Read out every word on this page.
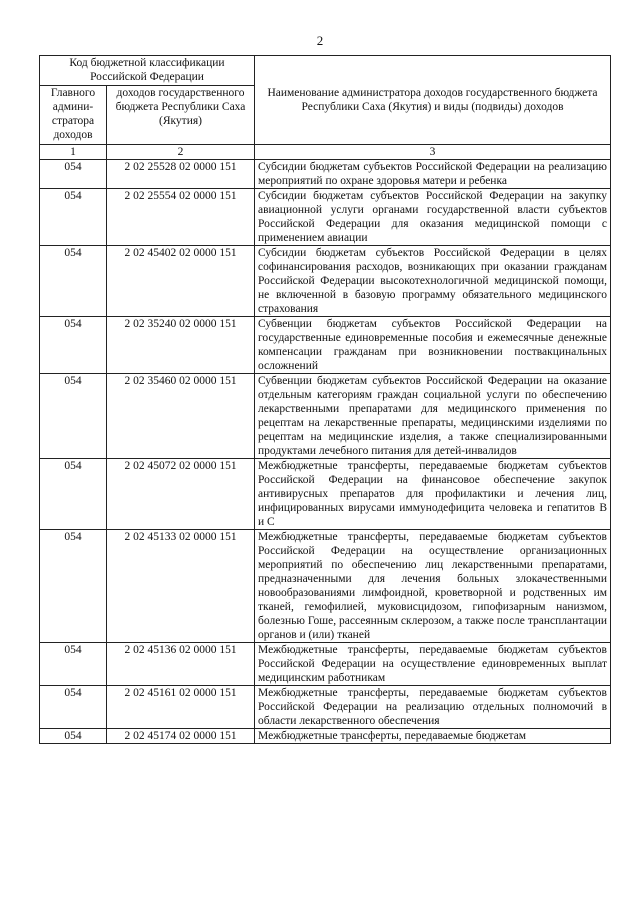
2
Код бюджетной классификации Российской Федерации		Наименование администратора доходов государственного бюджета Республики Саха (Якутия) и виды (подвиды) доходов
Главного админи-стратора доходов	доходов государственного бюджета Республики Саха (Якутия)	
1	2	3
054	2 02 25528 02 0000 151	Субсидии бюджетам субъектов Российской Федерации на реализацию мероприятий по охране здоровья матери и ребенка
054	2 02 25554 02 0000 151	Субсидии бюджетам субъектов Российской Федерации на закупку авиационной услуги органами государственной власти субъектов Российской Федерации для оказания медицинской помощи с применением авиации
054	2 02 45402 02 0000 151	Субсидии бюджетам субъектов Российской Федерации в целях софинансирования расходов, возникающих при оказании гражданам Российской Федерации высокотехнологичной медицинской помощи, не включенной в базовую программу обязательного медицинского страхования
054	2 02 35240 02 0000 151	Субвенции бюджетам субъектов Российской Федерации на государственные единовременные пособия и ежемесячные денежные компенсации гражданам при возникновении поствакцинальных осложнений
054	2 02 35460 02 0000 151	Субвенции бюджетам субъектов Российской Федерации на оказание отдельным категориям граждан социальной услуги по обеспечению лекарственными препаратами для медицинского применения по рецептам на лекарственные препараты, медицинскими изделиями по рецептам на медицинские изделия, а также специализированными продуктами лечебного питания для детей-инвалидов
054	2 02 45072 02 0000 151	Межбюджетные трансферты, передаваемые бюджетам субъектов Российской Федерации на финансовое обеспечение закупок антивирусных препаратов для профилактики и лечения лиц, инфицированных вирусами иммунодефицита человека и гепатитов В и С
054	2 02 45133 02 0000 151	Межбюджетные трансферты, передаваемые бюджетам субъектов Российской Федерации на осуществление организационных мероприятий по обеспечению лиц лекарственными препаратами, предназначенными для лечения больных злокачественными новообразованиями лимфоидной, кроветворной и родственных им тканей, гемофилией, муковисцидозом, гипофизарным нанизмом, болезнью Гоше, рассеянным склерозом, а также после трансплантации органов и (или) тканей
054	2 02 45136 02 0000 151	Межбюджетные трансферты, передаваемые бюджетам субъектов Российской Федерации на осуществление единовременных выплат медицинским работникам
054	2 02 45161 02 0000 151	Межбюджетные трансферты, передаваемые бюджетам субъектов Российской Федерации на реализацию отдельных полномочий в области лекарственного обеспечения
054	2 02 45174 02 0000 151	Межбюджетные трансферты, передаваемые бюджетам
